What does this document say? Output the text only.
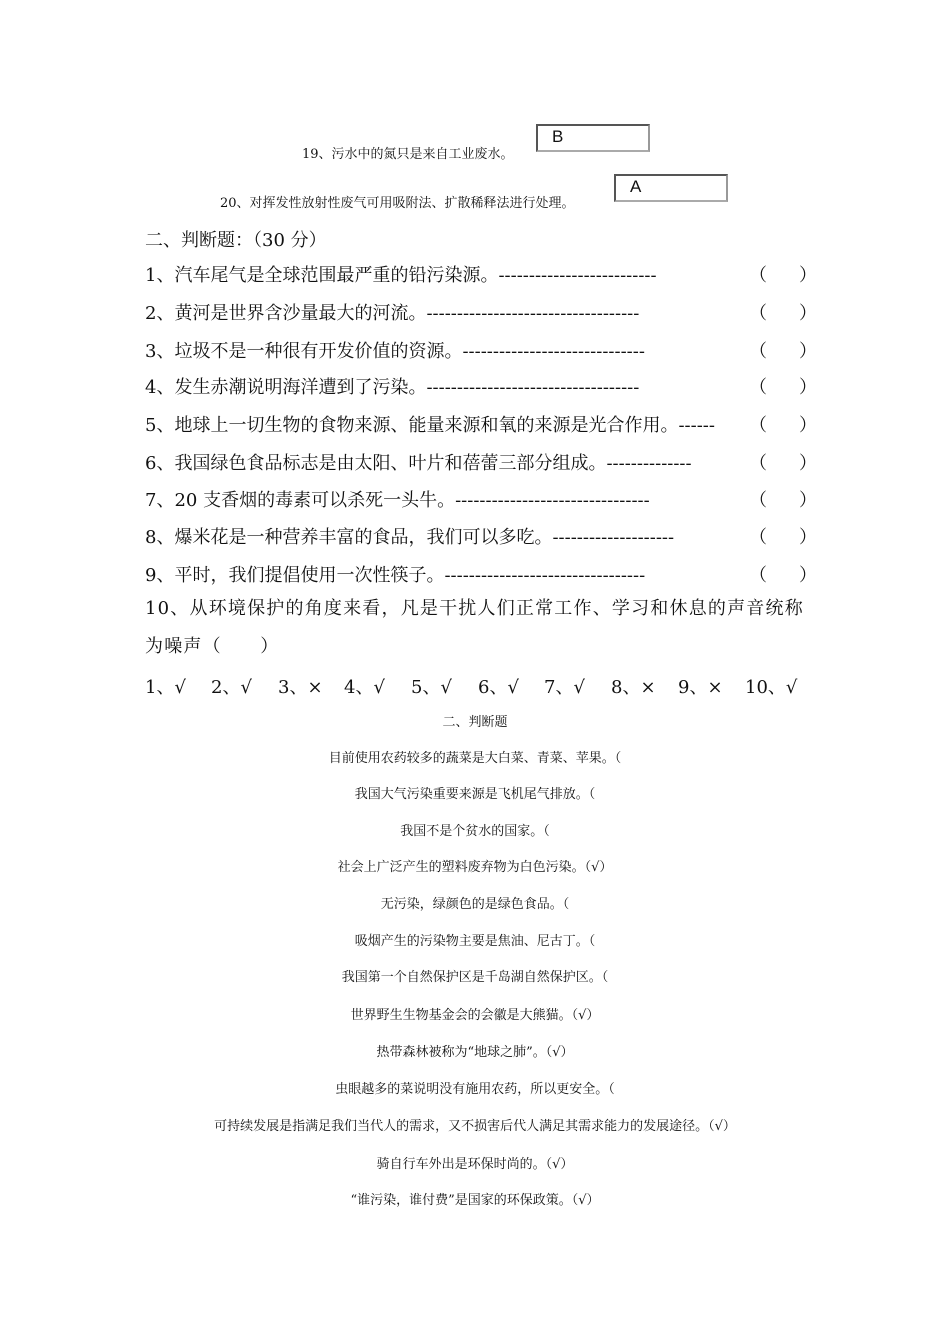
19、污水中的氮只是来自工业废水。
B
20、对挥发性放射性废气可用吸附法、扩散稀释法进行处理。
A
二、判断题：（30 分）
1、汽车尾气是全球范围最严重的铅污染源。--------------------------	（ ）
2、黄河是世界含沙量最大的河流。-----------------------------------	（ ）
3、垃圾不是一种很有开发价值的资源。------------------------------	（ ）
4、发生赤潮说明海洋遭到了污染。-----------------------------------	（ ）
5、地球上一切生物的食物来源、能量来源和氧的来源是光合作用。------ （ ）
6、我国绿色食品标志是由太阳、叶片和蓓蕾三部分组成。--------------	（ ）
7、20 支香烟的毒素可以杀死一头牛。--------------------------------	（ ）
8、爆米花是一种营养丰富的食品，我们可以多吃。--------------------	（ ）
9、平时，我们提倡使用一次性筷子。---------------------------------	（ ）
10、从环境保护的角度来看，凡是干扰人们正常工作、学习和休息的声音统称为噪声（　　）
1、√ 2、√ 3、× 4、√ 5、√ 6、√ 7、√ 8、× 9、× 10、√
二、判断题
目前使用农药较多的蔬菜是大白菜、青菜、苹果。（
我国大气污染重要来源是飞机尾气排放。（
我国不是个贫水的国家。（
社会上广泛产生的塑料废弃物为白色污染。（√）
无污染，绿颜色的是绿色食品。（
吸烟产生的污染物主要是焦油、尼古丁。（
我国第一个自然保护区是千岛湖自然保护区。（
世界野生生物基金会的会徽是大熊猫。（√）
热带森林被称为“地球之肺”。（√）
虫眼越多的菜说明没有施用农药，所以更安全。（
可持续发展是指满足我们当代人的需求，又不损害后代人满足其需求能力的发展途径。（√）
骑自行车外出是环保时尚的。（√）
“谁污染，谁付费”是国家的环保政策。（√）
